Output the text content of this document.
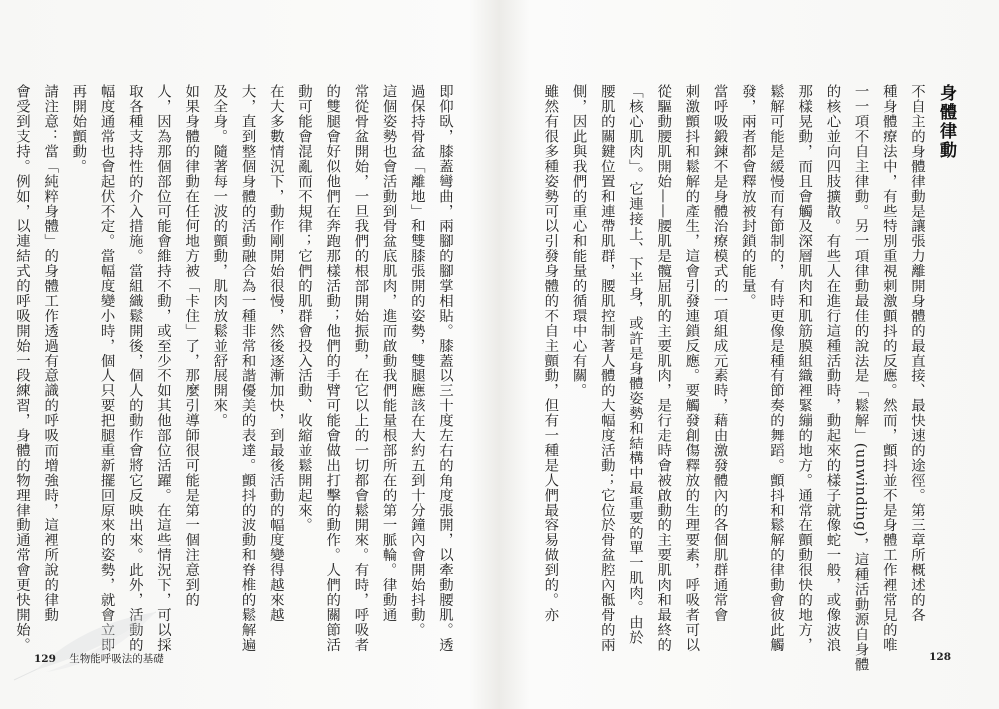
即仰臥，膝蓋彎曲，兩腳的腳掌相貼。膝蓋以三十度左右的角度張開，以牽動腰肌。透

過保持骨盆「離地」和雙膝張開的姿勢，雙腿應該在大約五到十分鐘內會開始抖動。

這個姿勢也會活動到骨盆底肌肉，進而啟動我們能量根部所在的第一脈輪。律動通

常從骨盆開始，一旦我們的根部開始振動，在它以上的一切都會鬆開來。有時，呼吸者

的雙腿會好似他們在奔跑那樣活動；他們的手臂可能會做出打擊的動作。人們的關節活

動可能會混亂而不規律；它們的肌群會投入活動、收縮並鬆開起來。

在大多數情況下，動作剛開始很慢，然後逐漸加快，到最後活動的幅度變得越來越

大，直到整個身體的活動融合為一種非常和諧優美的表達。顫抖的波動和脊椎的鬆解遍

及全身。隨著每一波的顫動，肌肉放鬆並舒展開來。

如果身體的律動在任何地方被「卡住」了，那麼引導師很可能是第一個注意到的

人，因為那個部位可能會維持不動，或至少不如其他部位活躍。在這些情況下，可以採

取各種支持性的介入措施。當組織鬆開後，個人的動作會將它反映出來。此外，活動的

幅度通常也會起伏不定。當幅度變小時，個人只要把腿重新擺回原來的姿勢，就會立即

再開始顫動。

請注意：當「純粹身體」的身體工作透過有意識的呼吸而增強時，這裡所說的律動

會受到支持。例如，以連結式的呼吸開始一段練習，身體的物理律動通常會更快開始。

129 生物能呼吸法的基礎

身體律動

不自主的身體律動是讓張力離開身體的最直接、最快速的途徑。第三章所概述的各

種身體療法中，有些特別重視刺激顫抖的反應。然而，顫抖並不是身體工作裡常見的唯

一一項不自主律動。另一項律動最佳的說法是「鬆解」(unwinding)，這種活動源自身體

的核心並向四肢擴散。有些人在進行這種活動時，動起來的樣子就像蛇一般，或像波浪

那樣晃動，而且會觸及深層肌肉和肌筋膜組織裡緊繃的地方。通常在顫動很快的地方，

鬆解可能是緩慢而有節制的，有時更像是種有節奏的舞蹈。顫抖和鬆解的律動會彼此觸

發，兩者都會釋放被封鎖的能量。

當呼吸鍛鍊不是身體治療模式的一項組成元素時，藉由激發體內的各個肌群通常會

刺激顫抖和鬆解的產生，這會引發連鎖反應。要觸發創傷釋放的生理要素，呼吸者可以

從驅動腰肌開始——腰肌是髖屈肌的主要肌肉，是行走時會被啟動的主要肌肉和最終的

「核心肌肉」。它連接上、下半身，或許是身體姿勢和結構中最重要的單一肌肉。由於

腰肌的關鍵位置和連帶肌群，腰肌控制著人體的大幅度活動；它位於骨盆腔內骶骨的兩

側，因此與我們的重心和能量的循環中心有關。

雖然有很多種姿勢可以引發身體的不自主顫動，但有一種是人們最容易做到的。亦

128
